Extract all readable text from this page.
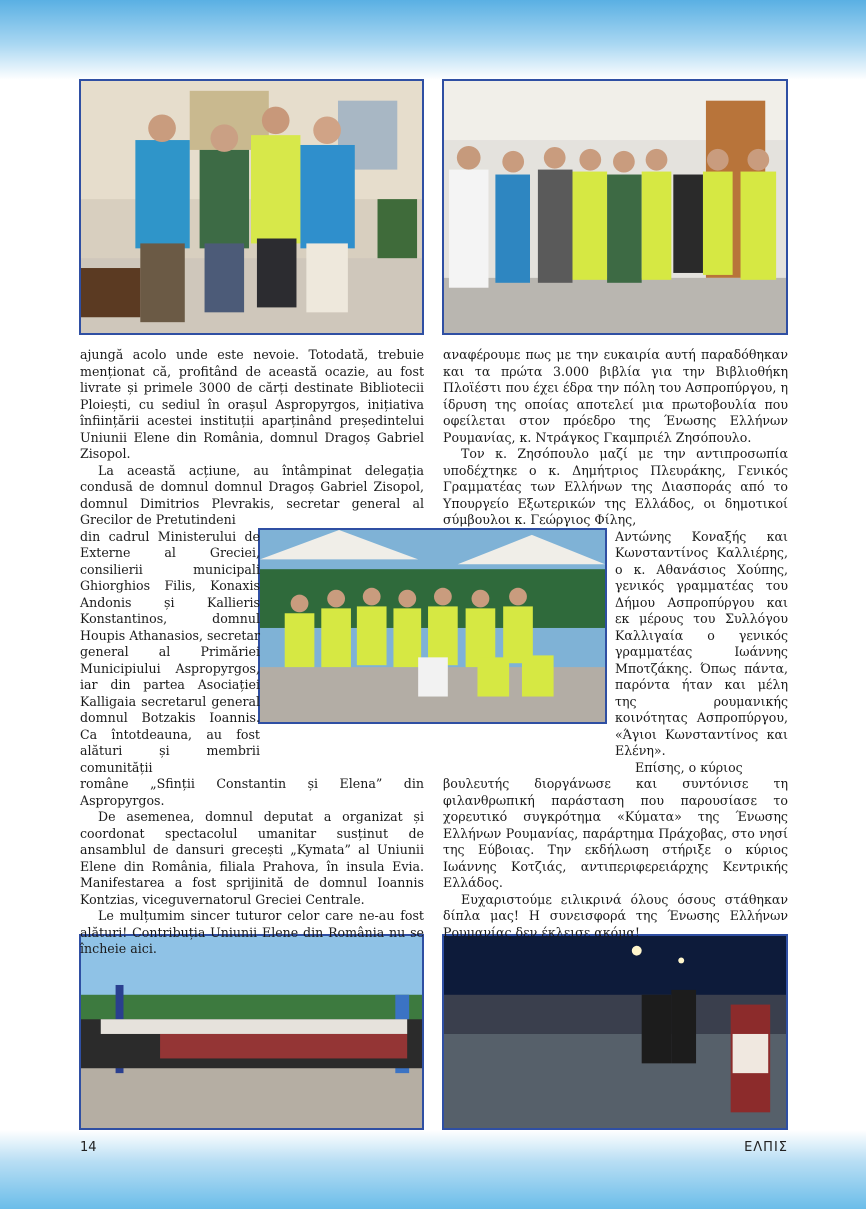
ajungă acolo unde este nevoie. Totodată, trebuie menționat că, profitând de această ocazie, au fost livrate și primele 3000 de cărți destinate Bibliotecii Ploiești, cu sediul în orașul Aspropyrgos, inițiativa înființării acestei instituții aparținând președintelui Uniunii Elene din România, domnul Dragoș Gabriel Zisopol.

La această acțiune, au întâmpinat delegația condusă de domnul domnul Dragoș Gabriel Zisopol, domnul Dimitrios Plevrakis, secretar general al Grecilor de Pretutindeni

din cadrul Ministerului de Externe al Greciei, consilierii municipali Ghiorghios Filis, Konaxis Andonis și Kallieris Konstantinos, domnul Houpis Athanasios, secretar general al Primăriei Municipiului Aspropyrgos, iar din partea Asociației Kalligaia secretarul general domnul Botzakis Ioannis. Ca întotdeauna, au fost alături și membrii comunității

române „Sfinții Constantin și Elena” din Aspropyrgos.

De asemenea, domnul deputat a organizat și coordonat spectacolul umanitar susținut de ansamblul de dansuri grecești „Kymata” al Uniunii Elene din România, filiala Prahova, în insula Evia. Manifestarea a fost sprijinită de domnul Ioannis Kontzias, viceguvernatorul Greciei Centrale.

Le mulțumim sincer tuturor celor care ne-au fost alături! Contribuția Uniunii Elene din România nu se încheie aici.

αναφέρουμε πως με την ευκαιρία αυτή παραδόθηκαν και τα πρώτα 3.000 βιβλία για την Βιβλιοθήκη Πλοϊέστι που έχει έδρα την πόλη του Ασπροπύργου, η ίδρυση της οποίας αποτελεί μια πρωτοβουλία που οφείλεται στον πρόεδρο της Ένωσης Ελλήνων Ρουμανίας, κ. Ντράγκος Γκαμπριέλ Ζησόπουλο.

Τον κ. Ζησόπουλο μαζί με την αντιπροσωπία υποδέχτηκε ο κ. Δημήτριος Πλευράκης, Γενικός Γραμματέας των Ελλήνων της Διασποράς από το Υπουργείο Εξωτερικών της Ελλάδος, οι δημοτικοί σύμβουλοι κ. Γεώργιος Φίλης,

Αντώνης Κοναξής και Κωνσταντίνος Καλλιέρης, ο κ. Αθανάσιος Χούπης, γενικός γραμματέας του Δήμου Ασπροπύργου και εκ μέρους του Συλλόγου Καλλιγαία ο γενικός γραμματέας Ιωάννης Μποτζάκης. Όπως πάντα, παρόντα ήταν και μέλη της ρουμανικής κοινότητας Ασπροπύργου, «Άγιοι Κωνσταντίνος και Ελένη».

Επίσης, ο κύριος

βουλευτής διοργάνωσε και συντόνισε τη φιλανθρωπική παράσταση που παρουσίασε το χορευτικό συγκρότημα «Κύματα» της Ένωσης Ελλήνων Ρουμανίας, παράρτημα Πράχοβας, στο νησί της Εύβοιας. Την εκδήλωση στήριξε ο κύριος Ιωάννης Κοτζιάς, αντιπεριφερειάρχης Κεντρικής Ελλάδος.

Ευχαριστούμε ειλικρινά όλους όσους στάθηκαν δίπλα μας! Η συνεισφορά της Ένωσης Ελλήνων Ρουμανίας δεν έκλεισε ακόμα!

14	ΕΛΠΙΣ
